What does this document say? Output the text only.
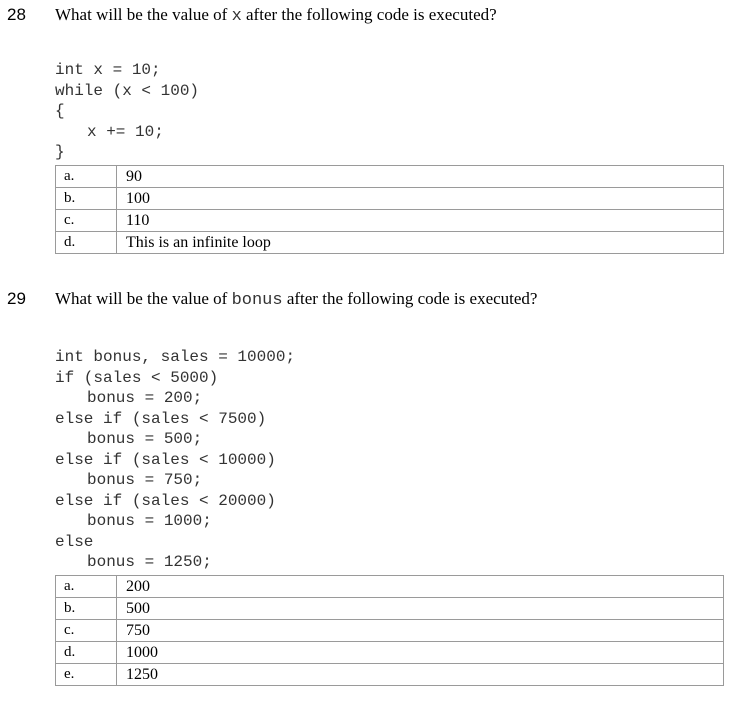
28 What will be the value of x after the following code is executed?

int x = 10;
while (x < 100)
{
x += 10;
}
a.	90
b.	100
c.	110
d.	This is an infinite loop
29 What will be the value of bonus after the following code is executed?

int bonus, sales = 10000;
if (sales < 5000)
bonus = 200;
else if (sales < 7500)
bonus = 500;
else if (sales < 10000)
bonus = 750;
else if (sales < 20000)
bonus = 1000;
else
bonus = 1250;
a.	200
b.	500
c.	750
d.	1000
e.	1250
